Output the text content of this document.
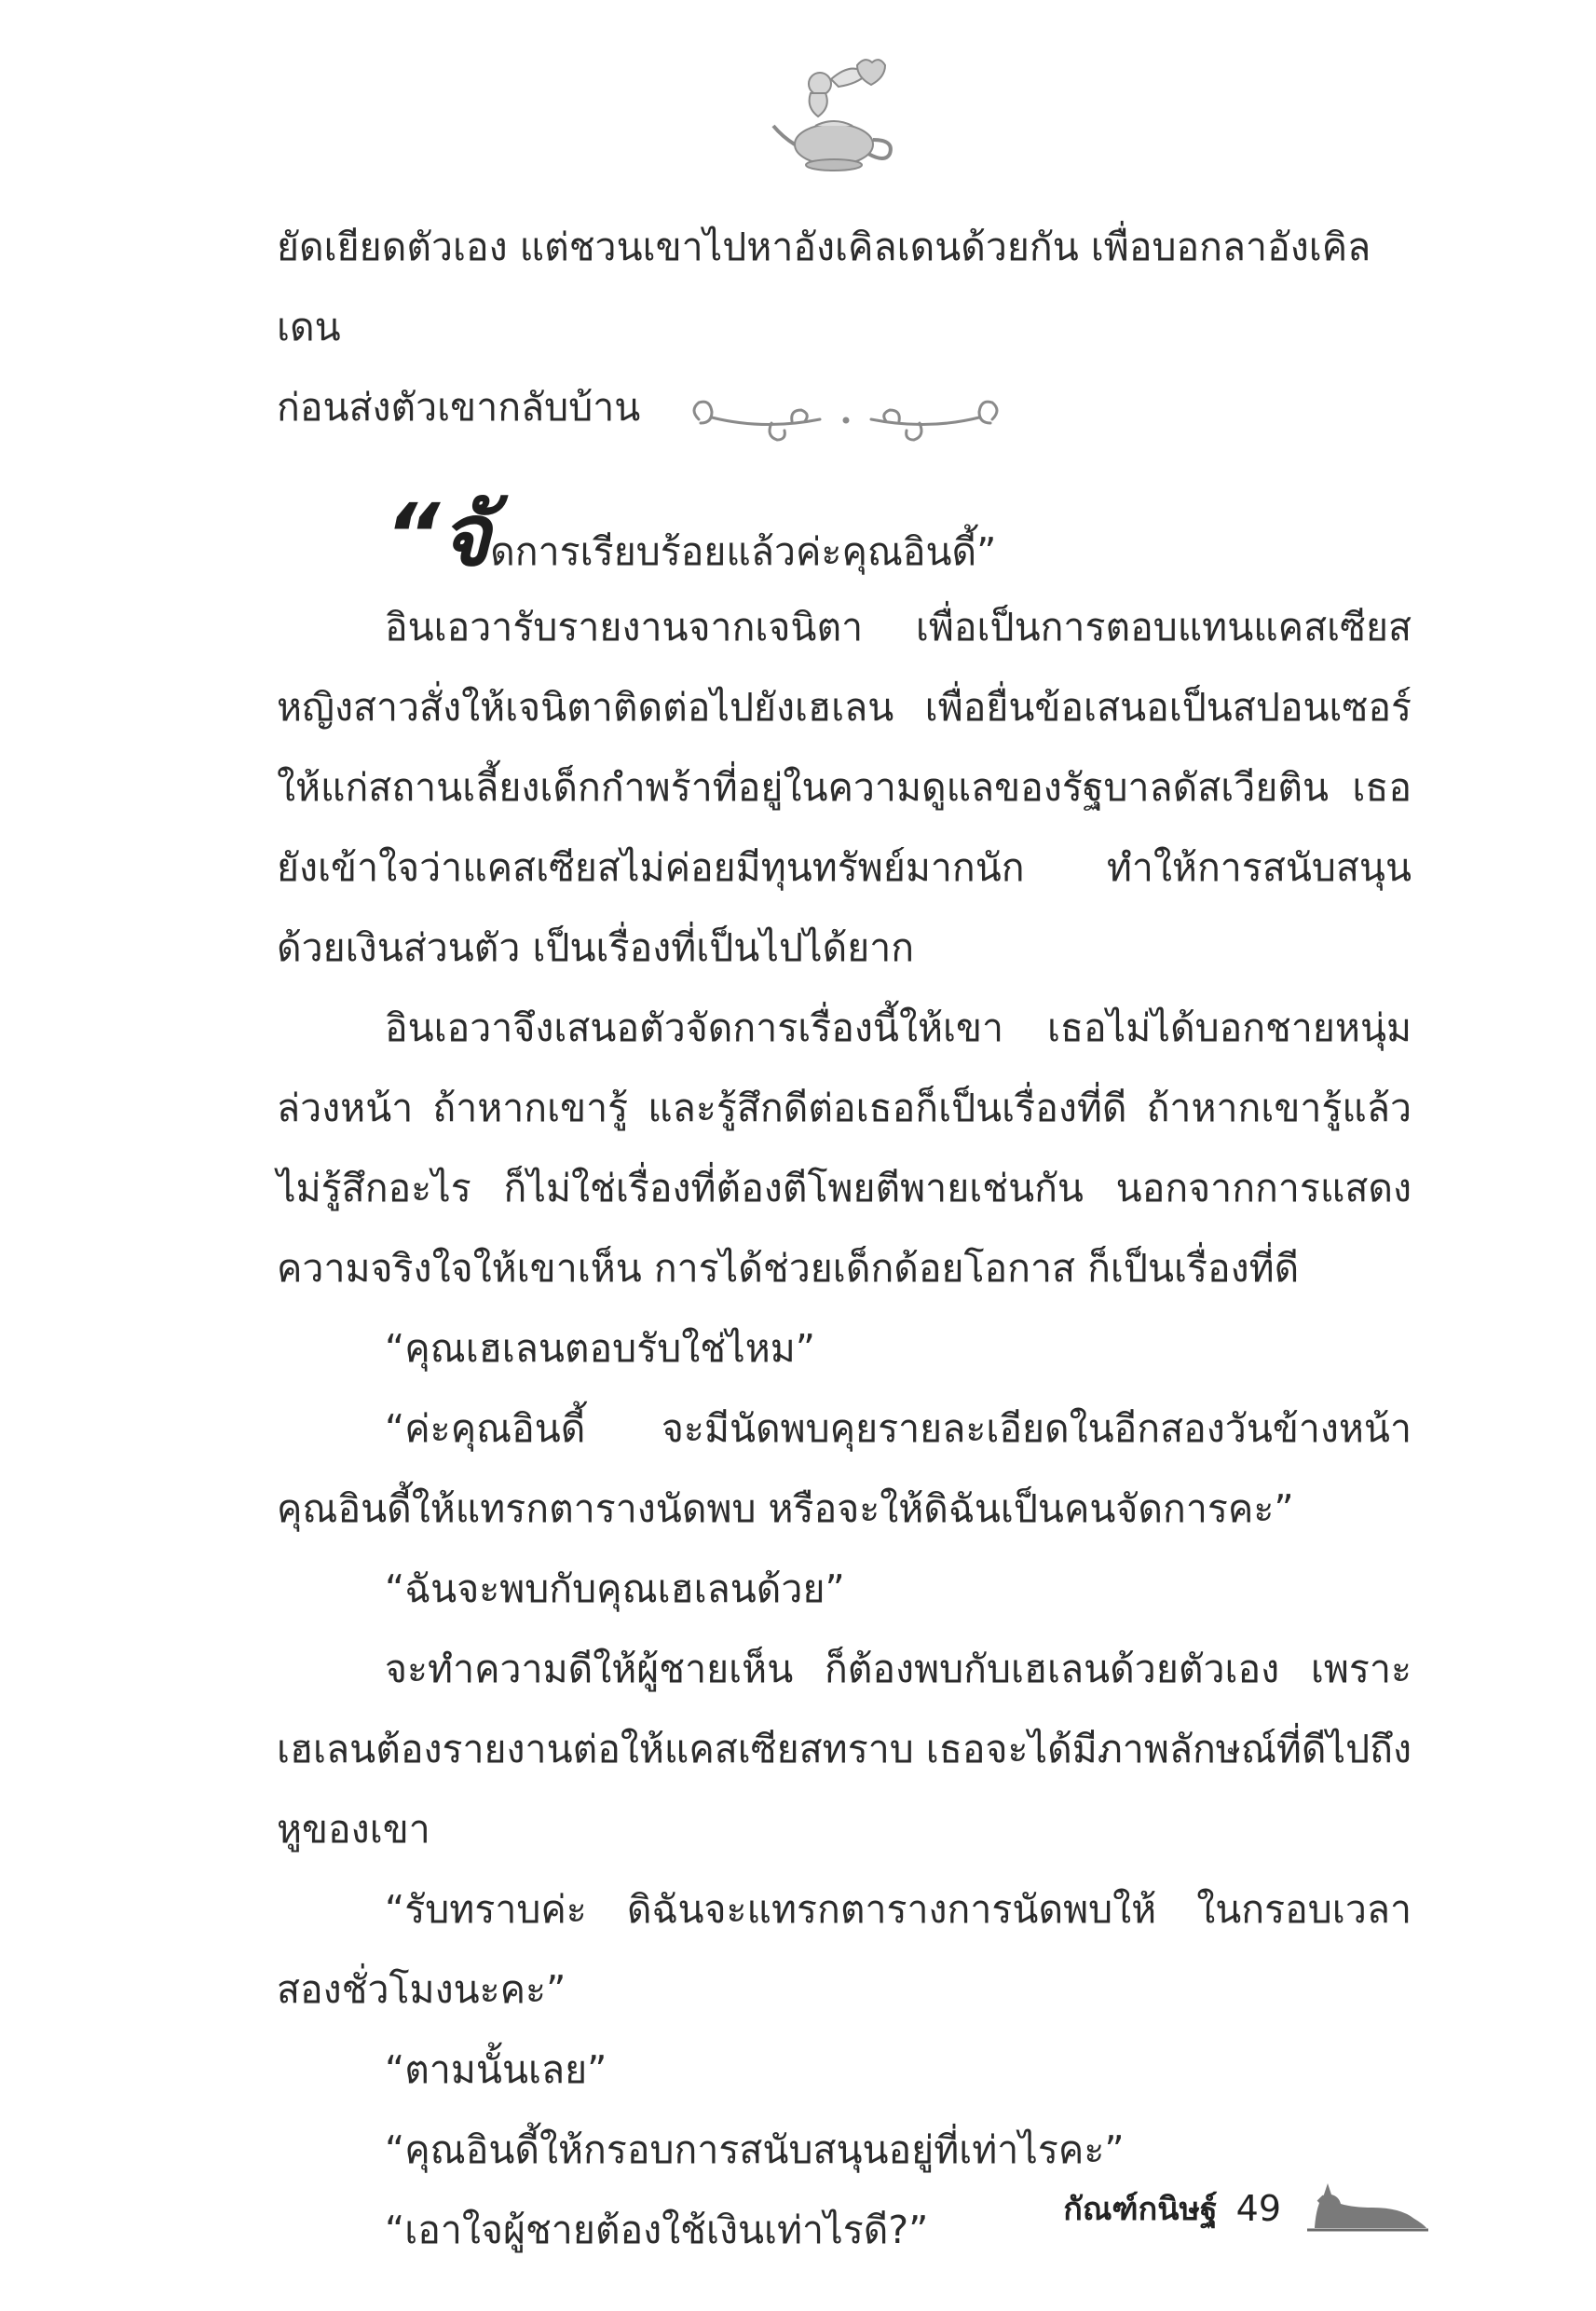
ยัดเยียดตัวเอง แต่ชวนเขาไปหาอังเคิลเดนด้วยกัน เพื่อบอกลาอังเคิลเดน

ก่อนส่งตัวเขากลับบ้าน

“จัดการเรียบร้อยแล้วค่ะคุณอินดี้”

อินเอวารับรายงานจากเจนิตา เพื่อเป็นการตอบแทนแคสเซียส หญิงสาวสั่งให้เจนิตาติดต่อไปยังเฮเลน เพื่อยื่นข้อเสนอเป็นสปอนเซอร์ ให้แก่สถานเลี้ยงเด็กกำพร้าที่อยู่ในความดูแลของรัฐบาลดัสเวียติน เธอยังเข้าใจว่าแคสเซียสไม่ค่อยมีทุนทรัพย์มากนัก ทำให้การสนับสนุน ด้วยเงินส่วนตัว เป็นเรื่องที่เป็นไปได้ยาก

อินเอวาจึงเสนอตัวจัดการเรื่องนี้ให้เขา เธอไม่ได้บอกชายหนุ่ม ล่วงหน้า ถ้าหากเขารู้ และรู้สึกดีต่อเธอก็เป็นเรื่องที่ดี ถ้าหากเขารู้แล้ว ไม่รู้สึกอะไร ก็ไม่ใช่เรื่องที่ต้องตีโพยตีพายเช่นกัน นอกจากการแสดง ความจริงใจให้เขาเห็น การได้ช่วยเด็กด้อยโอกาส ก็เป็นเรื่องที่ดี

“คุณเฮเลนตอบรับใช่ไหม”

“ค่ะคุณอินดี้ จะมีนัดพบคุยรายละเอียดในอีกสองวันข้างหน้า คุณอินดี้ให้แทรกตารางนัดพบ หรือจะให้ดิฉันเป็นคนจัดการคะ”

“ฉันจะพบกับคุณเฮเลนด้วย”

จะทำความดีให้ผู้ชายเห็น ก็ต้องพบกับเฮเลนด้วยตัวเอง เพราะ เฮเลนต้องรายงานต่อให้แคสเซียสทราบ เธอจะได้มีภาพลักษณ์ที่ดีไปถึง หูของเขา

“รับทราบค่ะ ดิฉันจะแทรกตารางการนัดพบให้ ในกรอบเวลา สองชั่วโมงนะคะ”

“ตามนั้นเลย”

“คุณอินดี้ให้กรอบการสนับสนุนอยู่ที่เท่าไรคะ”

“เอาใจผู้ชายต้องใช้เงินเท่าไรดี?”	กัณฑ์กนิษฐ์ 49
